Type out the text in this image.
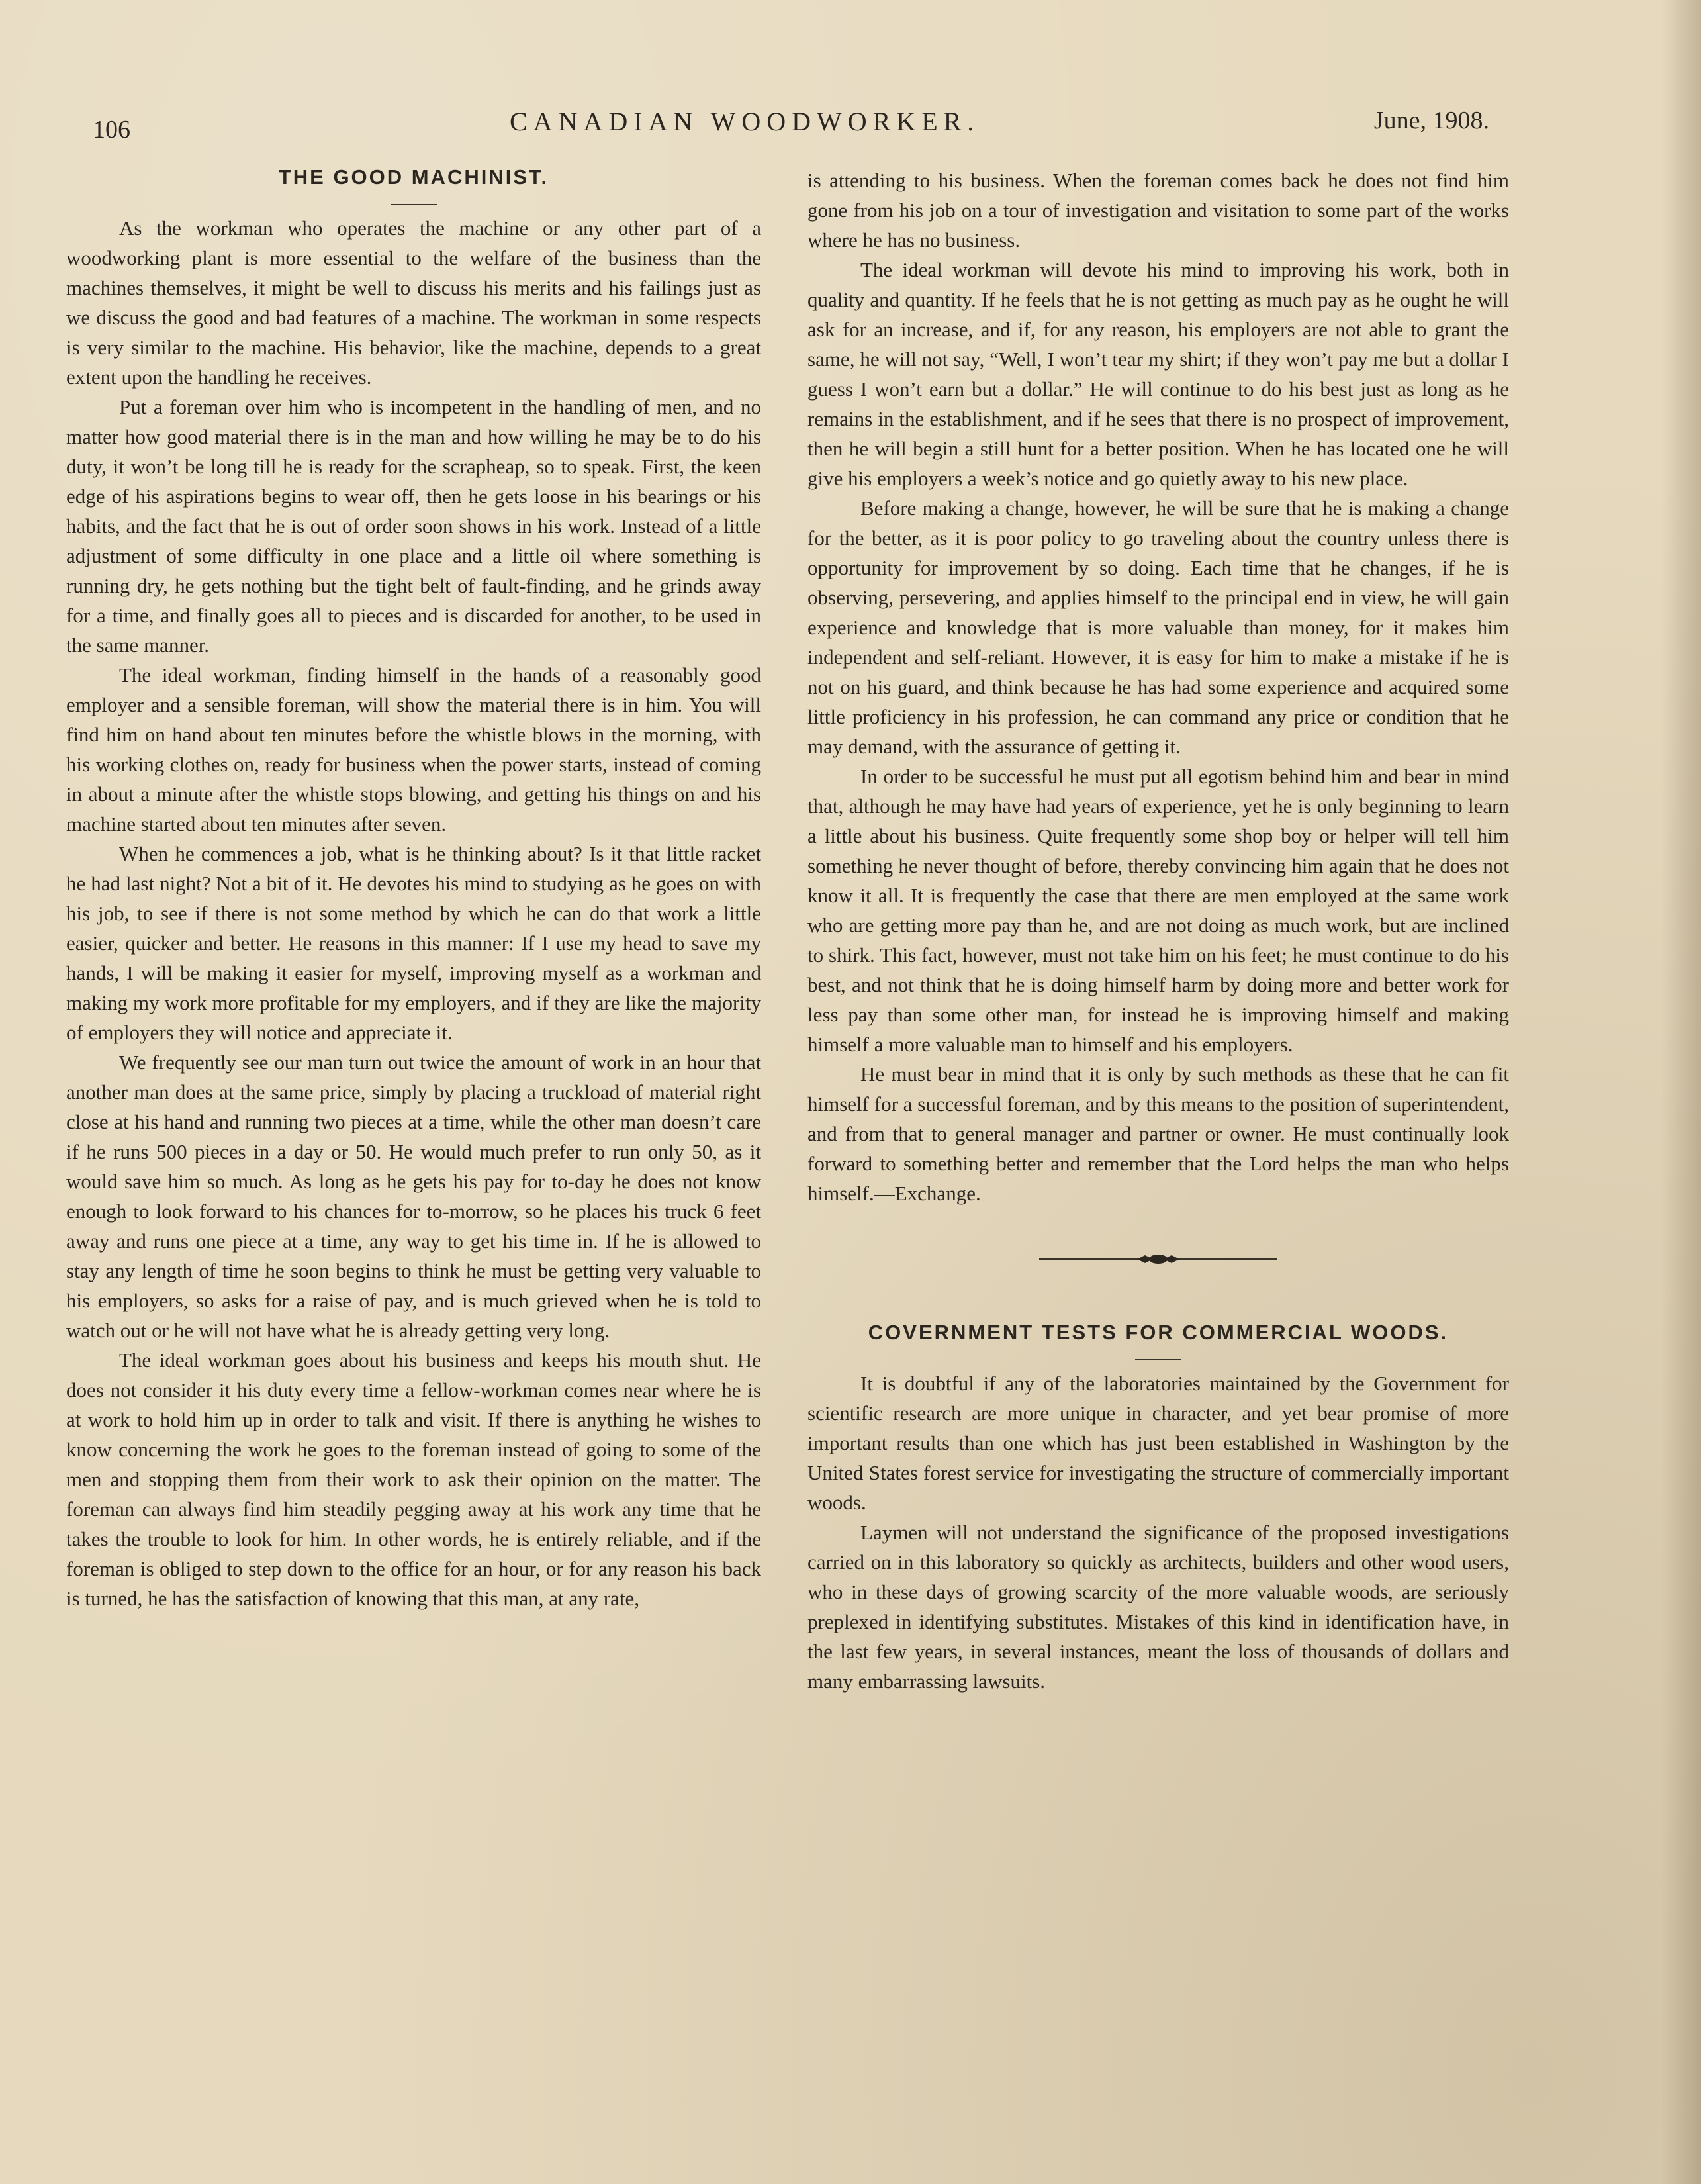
106	CANADIAN WOODWORKER.	June, 1908.
THE GOOD MACHINIST.

As the workman who operates the machine or any other part of a woodworking plant is more essential to the welfare of the business than the machines themselves, it might be well to discuss his merits and his failings just as we discuss the good and bad features of a machine. The workman in some respects is very similar to the machine. His behavior, like the machine, depends to a great extent upon the handling he receives.

Put a foreman over him who is incompetent in the handling of men, and no matter how good material there is in the man and how willing he may be to do his duty, it won’t be long till he is ready for the scrapheap, so to speak. First, the keen edge of his aspirations begins to wear off, then he gets loose in his bearings or his habits, and the fact that he is out of order soon shows in his work. Instead of a little adjustment of some difficulty in one place and a little oil where something is running dry, he gets nothing but the tight belt of fault-finding, and he grinds away for a time, and finally goes all to pieces and is discarded for another, to be used in the same manner.

The ideal workman, finding himself in the hands of a reasonably good employer and a sensible foreman, will show the material there is in him. You will find him on hand about ten minutes before the whistle blows in the morning, with his working clothes on, ready for business when the power starts, instead of coming in about a minute after the whistle stops blowing, and getting his things on and his machine started about ten minutes after seven.

When he commences a job, what is he thinking about? Is it that little racket he had last night? Not a bit of it. He devotes his mind to studying as he goes on with his job, to see if there is not some method by which he can do that work a little easier, quicker and better. He reasons in this manner: If I use my head to save my hands, I will be making it easier for myself, improving myself as a workman and making my work more profitable for my employers, and if they are like the majority of employers they will notice and appreciate it.

We frequently see our man turn out twice the amount of work in an hour that another man does at the same price, simply by placing a truckload of material right close at his hand and running two pieces at a time, while the other man doesn’t care if he runs 500 pieces in a day or 50. He would much prefer to run only 50, as it would save him so much. As long as he gets his pay for to-day he does not know enough to look forward to his chances for to-morrow, so he places his truck 6 feet away and runs one piece at a time, any way to get his time in. If he is allowed to stay any length of time he soon begins to think he must be getting very valuable to his employers, so asks for a raise of pay, and is much grieved when he is told to watch out or he will not have what he is already getting very long.

The ideal workman goes about his business and keeps his mouth shut. He does not consider it his duty every time a fellow-workman comes near where he is at work to hold him up in order to talk and visit. If there is anything he wishes to know concerning the work he goes to the foreman instead of going to some of the men and stopping them from their work to ask their opinion on the matter. The foreman can always find him steadily pegging away at his work any time that he takes the trouble to look for him. In other words, he is entirely reliable, and if the foreman is obliged to step down to the office for an hour, or for any reason his back is turned, he has the satisfaction of knowing that this man, at any rate,

is attending to his business. When the foreman comes back he does not find him gone from his job on a tour of investigation and visitation to some part of the works where he has no business.

The ideal workman will devote his mind to improving his work, both in quality and quantity. If he feels that he is not getting as much pay as he ought he will ask for an increase, and if, for any reason, his employers are not able to grant the same, he will not say, “Well, I won’t tear my shirt; if they won’t pay me but a dollar I guess I won’t earn but a dollar.” He will continue to do his best just as long as he remains in the establishment, and if he sees that there is no prospect of improvement, then he will begin a still hunt for a better position. When he has located one he will give his employers a week’s notice and go quietly away to his new place.

Before making a change, however, he will be sure that he is making a change for the better, as it is poor policy to go traveling about the country unless there is opportunity for improvement by so doing. Each time that he changes, if he is observing, persevering, and applies himself to the principal end in view, he will gain experience and knowledge that is more valuable than money, for it makes him independent and self-reliant. However, it is easy for him to make a mistake if he is not on his guard, and think because he has had some experience and acquired some little proficiency in his profession, he can command any price or condition that he may demand, with the assurance of getting it.

In order to be successful he must put all egotism behind him and bear in mind that, although he may have had years of experience, yet he is only beginning to learn a little about his business. Quite frequently some shop boy or helper will tell him something he never thought of before, thereby convincing him again that he does not know it all. It is frequently the case that there are men employed at the same work who are getting more pay than he, and are not doing as much work, but are inclined to shirk. This fact, however, must not take him on his feet; he must continue to do his best, and not think that he is doing himself harm by doing more and better work for less pay than some other man, for instead he is improving himself and making himself a more valuable man to himself and his employers.

He must bear in mind that it is only by such methods as these that he can fit himself for a successful foreman, and by this means to the position of superintendent, and from that to general manager and partner or owner. He must continually look forward to something better and remember that the Lord helps the man who helps himself.—Exchange.

COVERNMENT TESTS FOR COMMERCIAL WOODS.

It is doubtful if any of the laboratories maintained by the Government for scientific research are more unique in character, and yet bear promise of more important results than one which has just been established in Washington by the United States forest service for investigating the structure of commercially important woods.

Laymen will not understand the significance of the proposed investigations carried on in this laboratory so quickly as architects, builders and other wood users, who in these days of growing scarcity of the more valuable woods, are seriously preplexed in identifying substitutes. Mistakes of this kind in identification have, in the last few years, in several instances, meant the loss of thousands of dollars and many embarrassing lawsuits.
